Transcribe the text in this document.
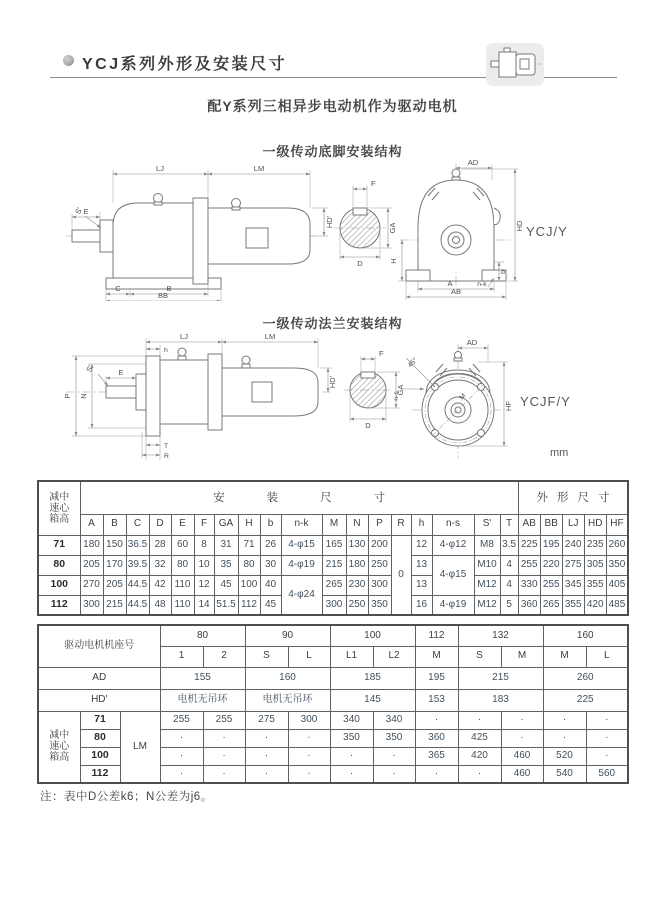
YCJ系列外形及安装尺寸
配Y系列三相异步电动机作为驱动电机
一级传动底脚安装结构
一级传动法兰安装结构
LJ	LM
HD'
S' E
C	B
BB
F
GA
D
AD
HD
H
b
A	n-k
AB
YCJ/Y
LJ	LM
h
HD'
P N
S'	E
T
R
F
GA
D
M
45°
AD
n-s
HF YCJF/Y
mm
减中
速心
箱高	安装尺寸																		外形尺寸				
	A	B	C	D	E	F	GA	H	b	n-k	M	N	P	R	h	n-s	S'	T	AB	BB	LJ	HD	HF
71	180	150	36.5	28	60	8	31	71	26	4-φ15	165	130	200	0	12	4-φ12	M8	3.5	225	195	240	235	260
80	205	170	39.5	32	80	10	35	80	30	4-φ19	215	180	250		13	4-φ15	M10	4	255	220	275	305	350
100	270	205	44.5	42	110	12	45	100	40	4-φ24	265	230	300		13		M12	4	330	255	345	355	405
112	300	215	44.5	48	110	14	51.5	112	45		300	250	350		16	4-φ19	M12	5	360	265	355	420	485
驱动电机机座号			80		90		100		112	132		160	
			1	2	S	L	L1	L2	M	S	M	M	L
AD			155		160		185		195	215		260	
HD'			电机无吊环		电机无吊环		145		153	183		225	
减中
速心
箱高	71	LM	255	255	275	300	340	340	·	·	·	·	·
	80		·	·	·	·	350	350	360	425	·	·	·
	100		·	·	·	·	·	·	365	420	460	520	·
	112		·	·	·	·	·	·	·	·	460	540	560
注：表中D公差k6；N公差为j6。
